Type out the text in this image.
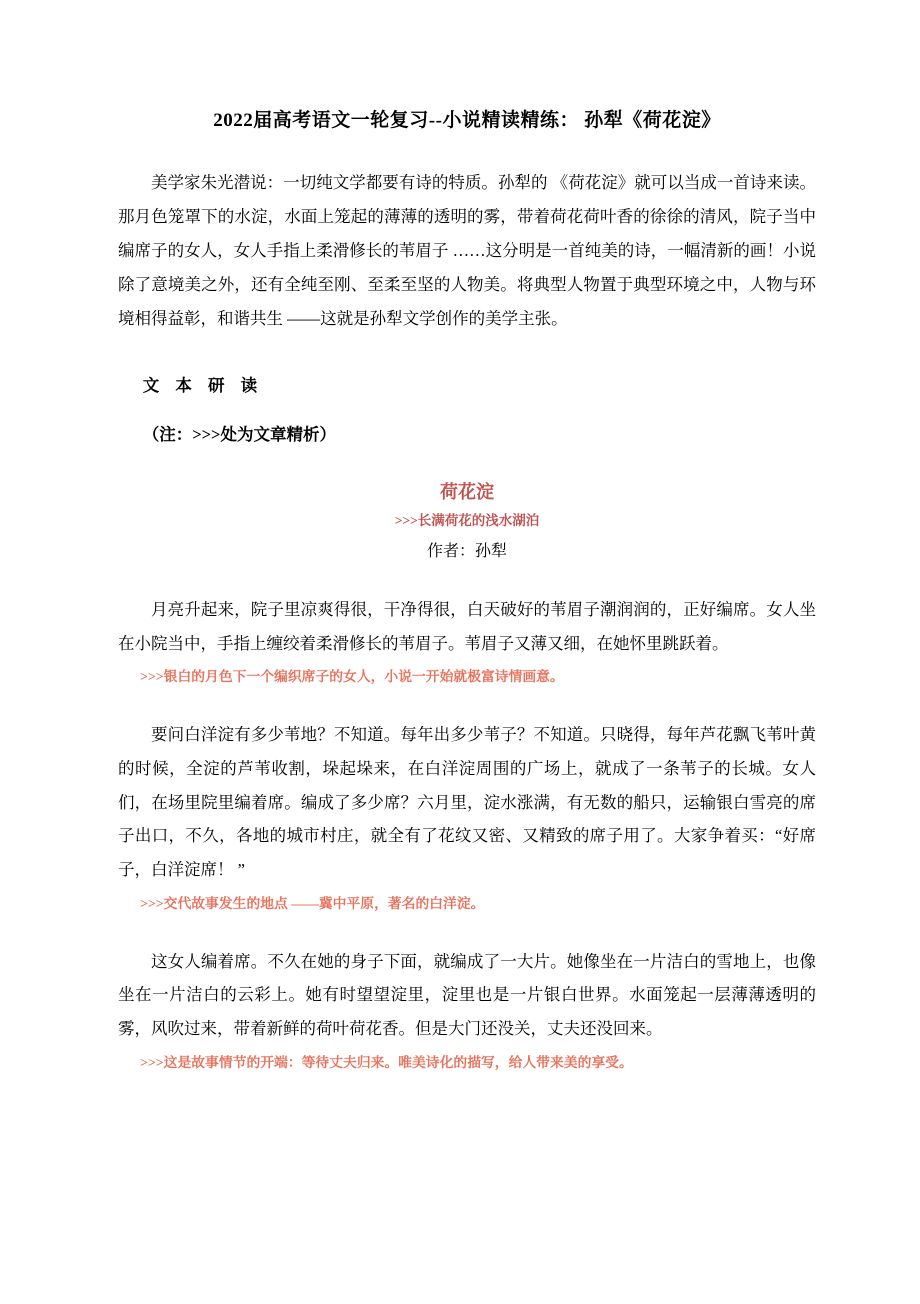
2022届高考语文一轮复习--小说精读精练： 孙犁《荷花淀》

美学家朱光潜说：一切纯文学都要有诗的特质。孙犁的 《荷花淀》就可以当成一首诗来读。那月色笼罩下的水淀，水面上笼起的薄薄的透明的雾，带着荷花荷叶香的徐徐的清风，院子当中编席子的女人，女人手指上柔滑修长的苇眉子 ……这分明是一首纯美的诗，一幅清新的画！小说除了意境美之外，还有全纯至刚、至柔至坚的人物美。将典型人物置于典型环境之中，人物与环境相得益彰，和谐共生 ——这就是孙犁文学创作的美学主张。

文 本 研 读

（注：>>>处为文章精析）

荷花淀

>>>长满荷花的浅水湖泊

作者：孙犁

月亮升起来，院子里凉爽得很，干净得很，白天破好的苇眉子潮润润的，正好编席。女人坐在小院当中，手指上缠绞着柔滑修长的苇眉子。苇眉子又薄又细，在她怀里跳跃着。

>>>银白的月色下一个编织席子的女人，小说一开始就极富诗情画意。

要问白洋淀有多少苇地？不知道。每年出多少苇子？不知道。只晓得，每年芦花飘飞苇叶黄的时候，全淀的芦苇收割，垛起垛来，在白洋淀周围的广场上，就成了一条苇子的长城。女人们，在场里院里编着席。编成了多少席？六月里，淀水涨满，有无数的船只，运输银白雪亮的席子出口，不久，各地的城市村庄，就全有了花纹又密、又精致的席子用了。大家争着买：“好席子，白洋淀席！ ”

>>>交代故事发生的地点 ——冀中平原，著名的白洋淀。

这女人编着席。不久在她的身子下面，就编成了一大片。她像坐在一片洁白的雪地上，也像坐在一片洁白的云彩上。她有时望望淀里，淀里也是一片银白世界。水面笼起一层薄薄透明的雾，风吹过来，带着新鲜的荷叶荷花香。但是大门还没关，丈夫还没回来。

>>>这是故事情节的开端：等待丈夫归来。唯美诗化的描写，给人带来美的享受。
